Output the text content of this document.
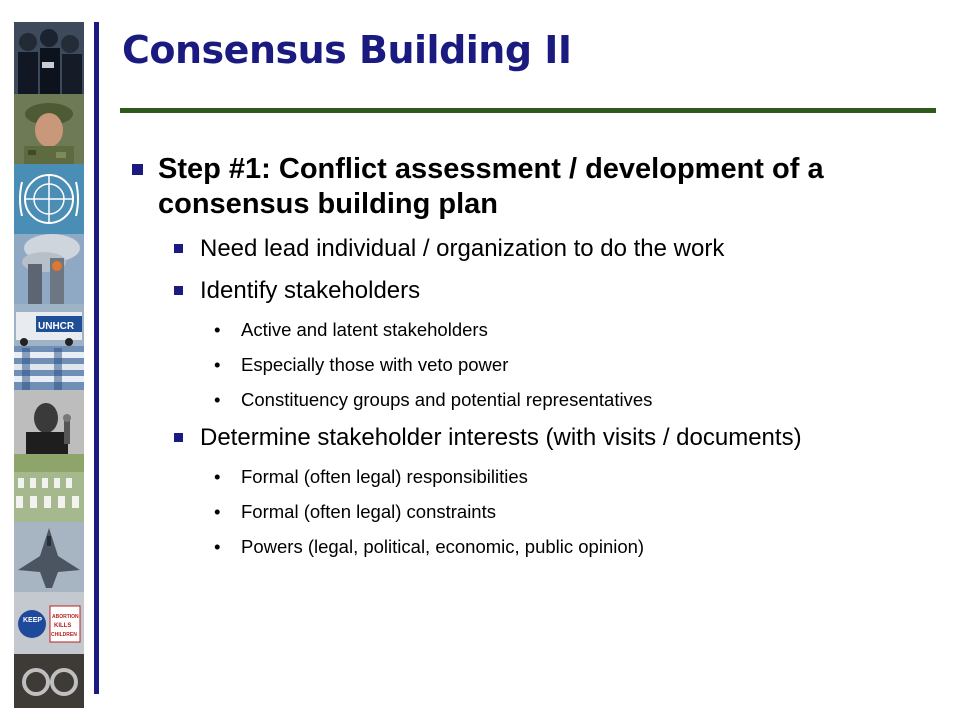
UNHCR
KEEP ABORTION
KILLS
CHILDREN
Consensus Building II
Step #1: Conflict assessment / development of a consensus building plan
Need lead individual / organization to do the work
Identify stakeholders
• Active and latent stakeholders
• Especially those with veto power
• Constituency groups and potential representatives
Determine stakeholder interests (with visits / documents)
• Formal (often legal) responsibilities
• Formal (often legal) constraints
• Powers (legal, political, economic, public opinion)
